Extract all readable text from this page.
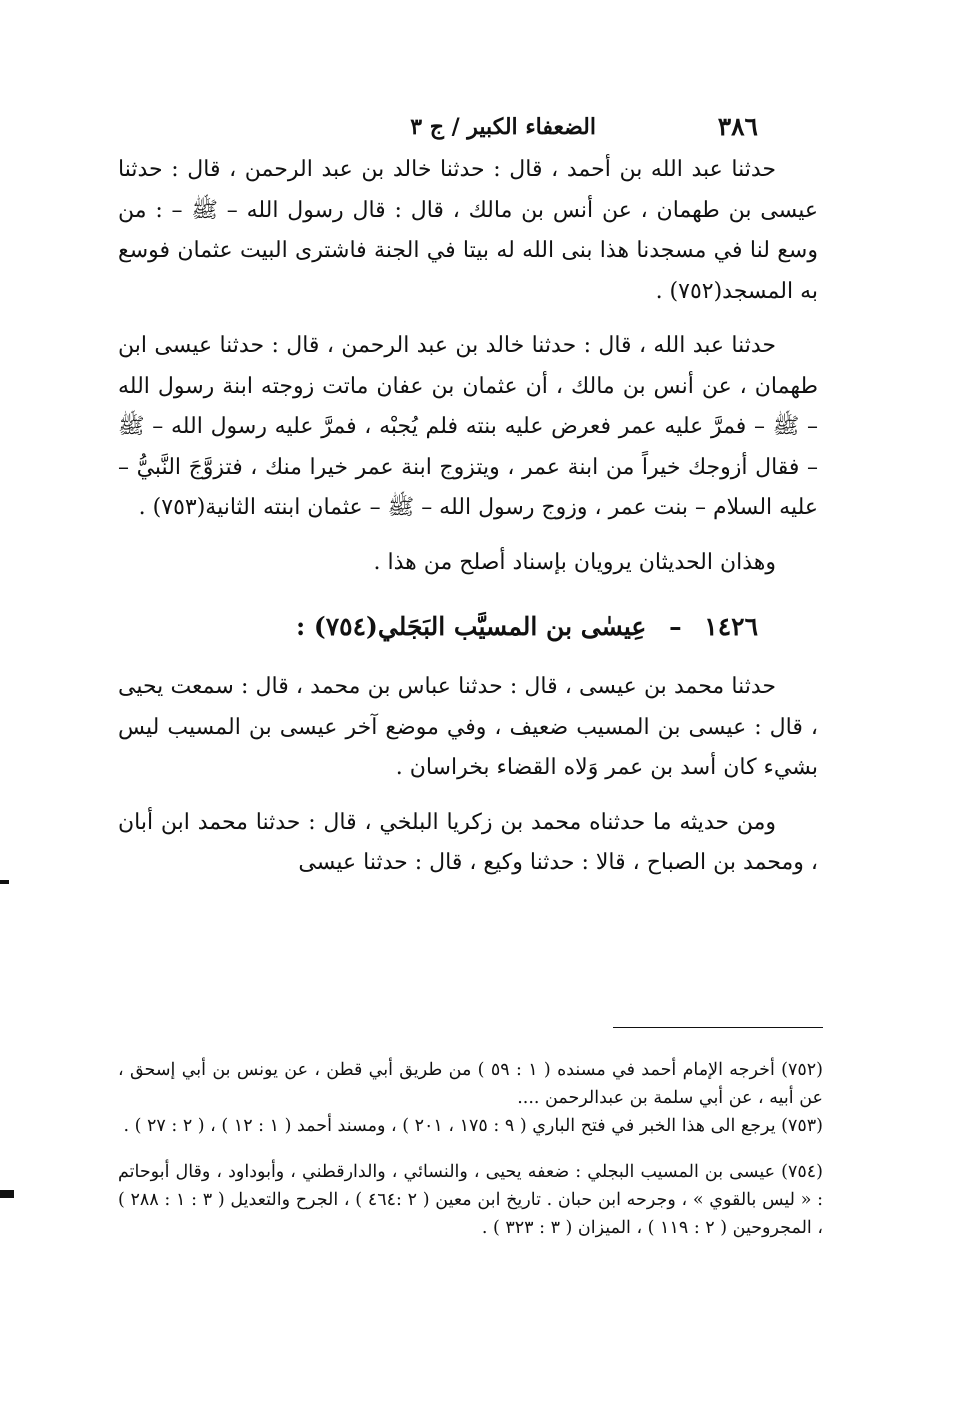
٣٨٦
الضعفاء الكبير / ج ٣

حدثنا عبد الله بن أحمد ، قال : حدثنا خالد بن عبد الرحمن ، قال : حدثنا عيسى بن طهمان ، عن أنس بن مالك ، قال : قال رسول الله – ﷺ – : من وسع لنا في مسجدنا هذا بنى الله له بيتا في الجنة فاشترى البيت عثمان فوسع به المسجد(٧٥٢) .

حدثنا عبد الله ، قال : حدثنا خالد بن عبد الرحمن ، قال : حدثنا عيسى ابن طهمان ، عن أنس بن مالك ، أن عثمان بن عفان ماتت زوجته ابنة رسول الله – ﷺ – فمرَّ عليه عمر فعرض عليه بنته فلم يُجبْه ، فمرَّ عليه رسول الله – ﷺ – فقال أزوجك خيراً من ابنة عمر ، ويتزوج ابنة عمر خيرا منك ، فتزوَّجَ النَّبيُّ – عليه السلام – بنت عمر ، وزوج رسول الله – ﷺ – عثمان ابنته الثانية(٧٥٣) .

وهذان الحديثان يرويان بإسناد أصلح من هذا .

١٤٢٦ – عِيسٰى بن المسيَّب البَجَلي(٧٥٤) :

حدثنا محمد بن عيسى ، قال : حدثنا عباس بن محمد ، قال : سمعت يحيى ، قال : عيسى بن المسيب ضعيف ، وفي موضع آخر عيسى بن المسيب ليس بشيء كان أسد بن عمر وَلاه القضاء بخراسان .

ومن حديثه ما حدثناه محمد بن زكريا البلخي ، قال : حدثنا محمد ابن أبان ، ومحمد بن الصباح ، قالا : حدثنا وكيع ، قال : حدثنا عيسى

(٧٥٢) أخرجه الإمام أحمد في مسنده ( ١ : ٥٩ ) من طريق أبي قطن ، عن يونس بن أبي إسحق ، عن أبيه ، عن أبي سلمة بن عبدالرحمن ....

(٧٥٣) يرجع الى هذا الخبر في فتح الباري ( ٩ : ١٧٥ ، ٢٠١ ) ، ومسند أحمد ( ١ : ١٢ ) ، ( ٢ : ٢٧ ) .

(٧٥٤) عيسى بن المسيب البجلي : ضعفه يحيى ، والنسائي ، والدارقطني ، وأبوداود ، وقال أبوحاتم : « ليس بالقوي » ، وجرحه ابن حبان . تاريخ ابن معين ( ٢ :٤٦٤ ) ، الجرح والتعديل ( ٣ : ١ : ٢٨٨ ) ، المجروحين ( ٢ : ١١٩ ) ، الميزان ( ٣ : ٣٢٣ ) .
